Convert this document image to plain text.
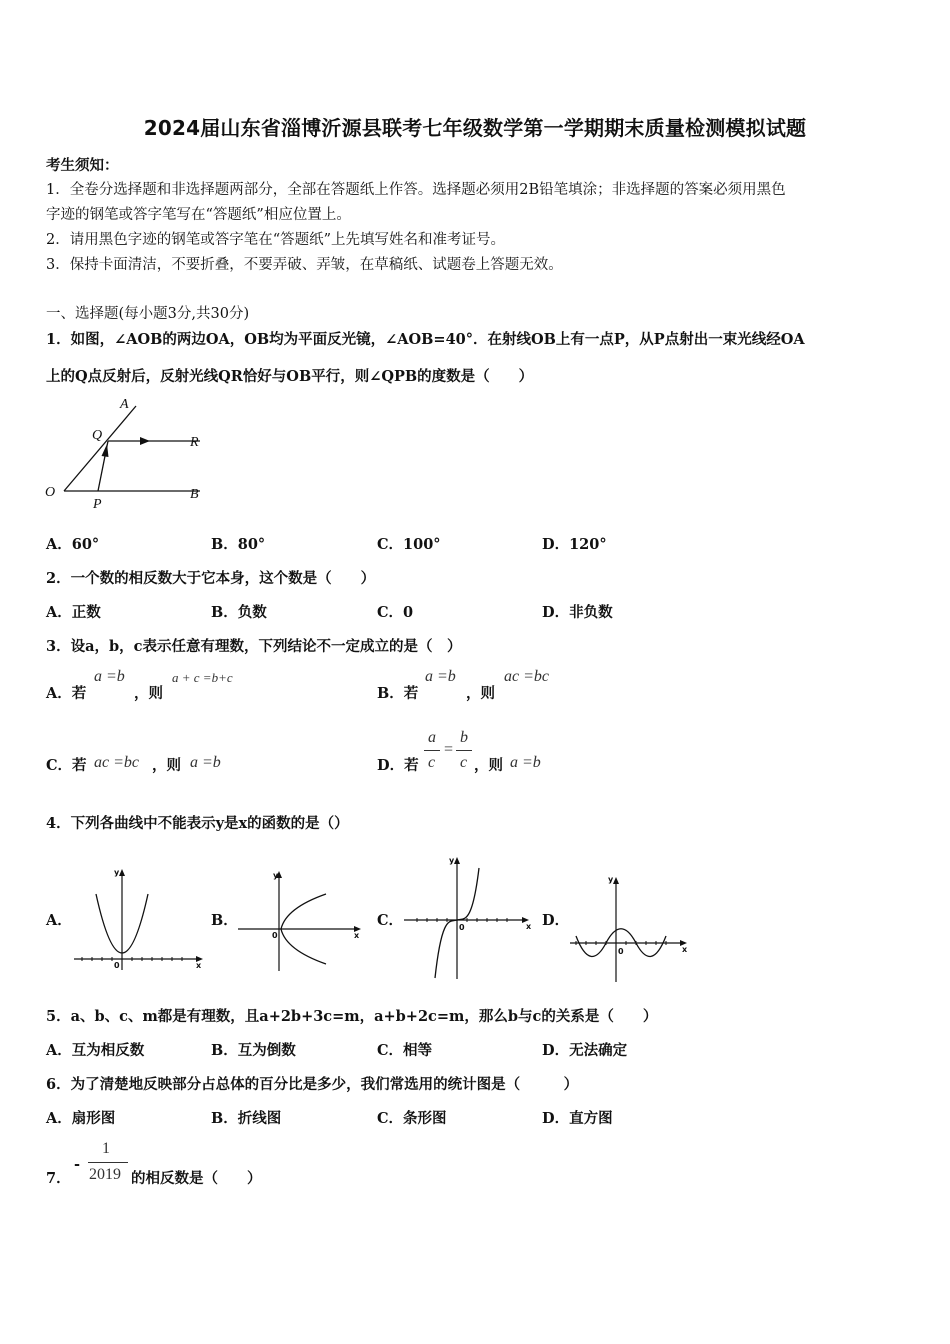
2024届山东省淄博沂源县联考七年级数学第一学期期末质量检测模拟试题
考生须知：
1．全卷分选择题和非选择题两部分，全部在答题纸上作答。选择题必须用2B铅笔填涂；非选择题的答案必须用黑色
字迹的钢笔或答字笔写在“答题纸”相应位置上。
2．请用黑色字迹的钢笔或答字笔在“答题纸”上先填写姓名和准考证号。
3．保持卡面清洁，不要折叠，不要弄破、弄皱，在草稿纸、试题卷上答题无效。
一、选择题(每小题3分,共30分)
1．如图，∠AOB的两边OA，OB均为平面反光镜，∠AOB=40°．在射线OB上有一点P，从P点射出一束光线经OA
上的Q点反射后，反射光线QR恰好与OB平行，则∠QPB的度数是（　　）
A
Q	R
O
P
B
A．60°	B．80°	C．100°	D．120°
2．一个数的相反数大于它本身，这个数是（　　）
A．正数	B．负数	C．0	D．非负数
3．设a，b，c表示任意有理数，下列结论不一定成立的是（　）
A．若
a =b
，则
a + c =b+c
B．若
a =b
，则
ac =bc
C．若 ac =bc ，则 a =b	D．若
a
c
=
b
c ，则 a =b
4．下列各曲线中不能表示y是x的函数的是（）
A．
y
x
0
B．
y
x
0
C．
y
x
0	D．
y
x
0
5．a、b、c、m都是有理数，且a+2b+3c=m，a+b+2c=m，那么b与c的关系是（　　）
A．互为相反数	B．互为倒数	C．相等	D．无法确定
6．为了清楚地反映部分占总体的百分比是多少，我们常选用的统计图是（　　　）
A．扇形图	B．折线图	C．条形图	D．直方图
7．
-
1
2019 的相反数是（　　）
